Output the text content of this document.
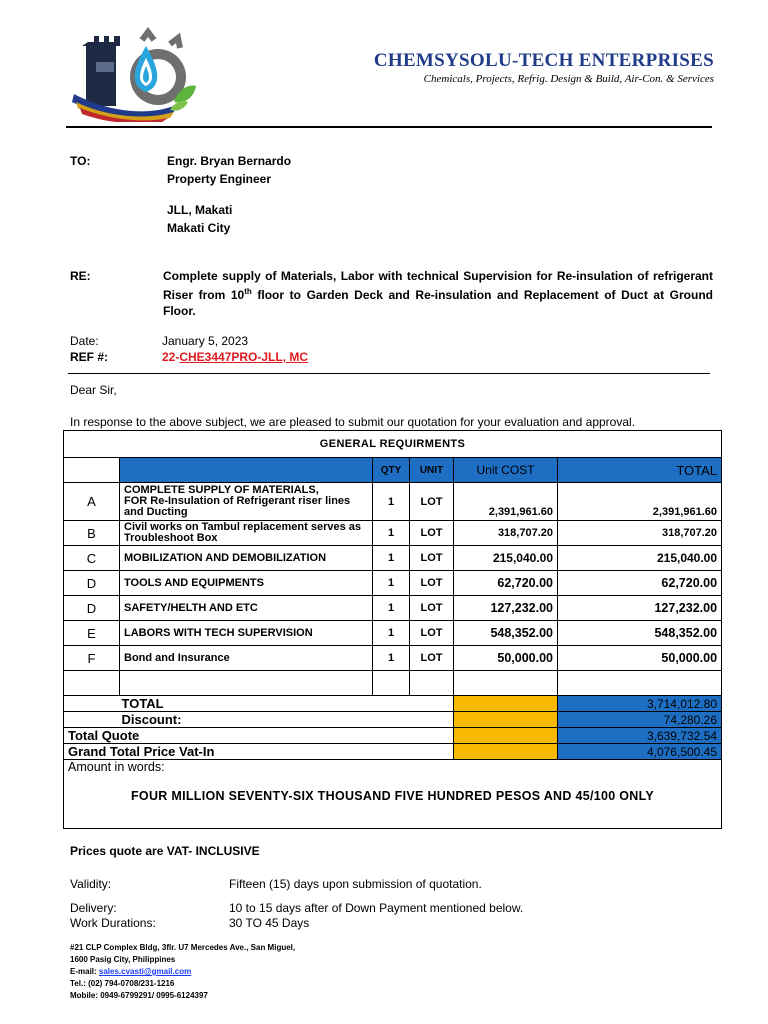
CHEMSYSOLU-TECH ENTERPRISES
Chemicals, Projects, Refrig. Design & Build, Air-Con. & Services
TO:	Engr. Bryan Bernardo
Property Engineer
JLL, Makati
Makati City
RE:	Complete supply of Materials, Labor with technical Supervision for Re-insulation of refrigerant Riser from 10th floor to Garden Deck and Re-insulation and Replacement of Duct at Ground Floor.
Date:	January 5, 2023
REF #:	22-CHE3447PRO-JLL, MC
Dear Sir,
In response to the above subject, we are pleased to submit our quotation for your evaluation and approval.
GENERAL REQUIRMENTS					
		QTY	UNIT	Unit COST	TOTAL
A	COMPLETE SUPPLY OF MATERIALS,
FOR Re-Insulation of Refrigerant riser lines and Ducting	1	LOT	2,391,961.60	2,391,961.60
B	Civil works on Tambul replacement serves as Troubleshoot Box	1	LOT	318,707.20	318,707.20
C	MOBILIZATION AND DEMOBILIZATION	1	LOT	215,040.00	215,040.00
D	TOOLS AND EQUIPMENTS	1	LOT	62,720.00	62,720.00
D	SAFETY/HELTH AND ETC	1	LOT	127,232.00	127,232.00
E	LABORS WITH TECH SUPERVISION	1	LOT	548,352.00	548,352.00
F	Bond and Insurance	1	LOT	50,000.00	50,000.00

	TOTAL				3,714,012.80
	Discount:				74,280.26
Total Quote					3,639,732.54
Grand Total Price Vat-In					4,076,500.45

Amount in words:
FOUR MILLION SEVENTY-SIX THOUSAND FIVE HUNDRED PESOS AND 45/100 ONLY					
Prices quote are VAT- INCLUSIVE
Validity:	Fifteen (15) days upon submission of quotation.
Delivery:	10 to 15 days after of Down Payment mentioned below.
Work Durations:	30 TO 45 Days
#21 CLP Complex Bldg, 3flr. U7 Mercedes Ave., San Miguel,
1600 Pasig City, Philippines
E-mail: sales.cvasti@gmail.com
Tel.: (02) 794-0708/231-1216
Mobile: 0949-6799291/ 0995-6124397
